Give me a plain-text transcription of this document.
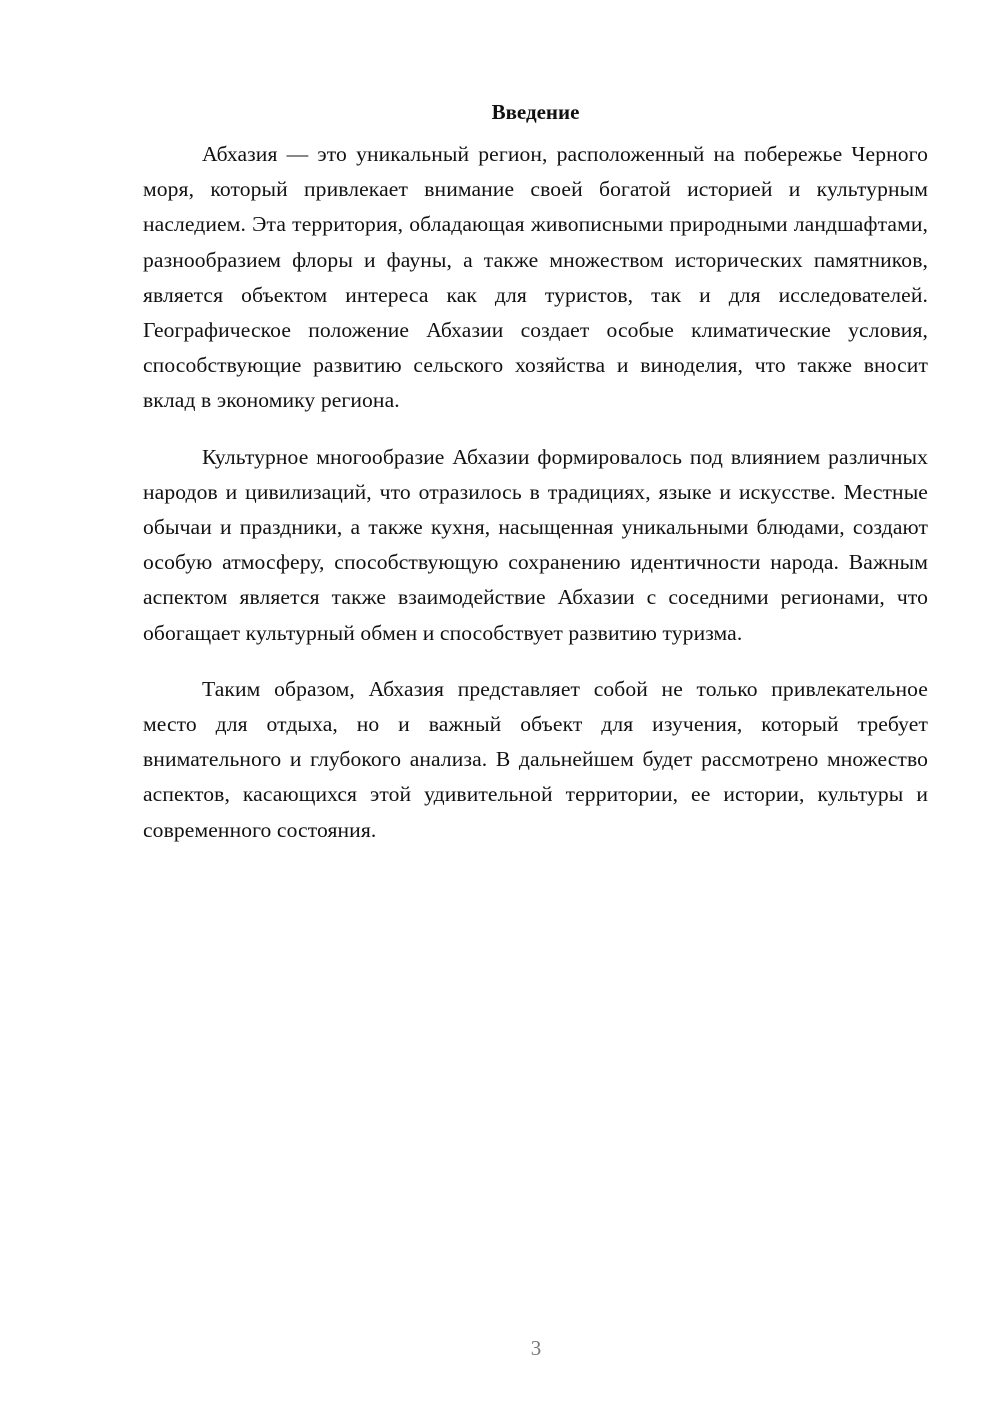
Введение

Абхазия — это уникальный регион, расположенный на побережье Черного моря, который привлекает внимание своей богатой историей и культурным наследием. Эта территория, обладающая живописными природными ландшафтами, разнообразием флоры и фауны, а также множеством исторических памятников, является объектом интереса как для туристов, так и для исследователей. Географическое положение Абхазии создает особые климатические условия, способствующие развитию сельского хозяйства и виноделия, что также вносит вклад в экономику региона.

Культурное многообразие Абхазии формировалось под влиянием различных народов и цивилизаций, что отразилось в традициях, языке и искусстве. Местные обычаи и праздники, а также кухня, насыщенная уникальными блюдами, создают особую атмосферу, способствующую сохранению идентичности народа. Важным аспектом является также взаимодействие Абхазии с соседними регионами, что обогащает культурный обмен и способствует развитию туризма.

Таким образом, Абхазия представляет собой не только привлекательное место для отдыха, но и важный объект для изучения, который требует внимательного и глубокого анализа. В дальнейшем будет рассмотрено множество аспектов, касающихся этой удивительной территории, ее истории, культуры и современного состояния.

3
